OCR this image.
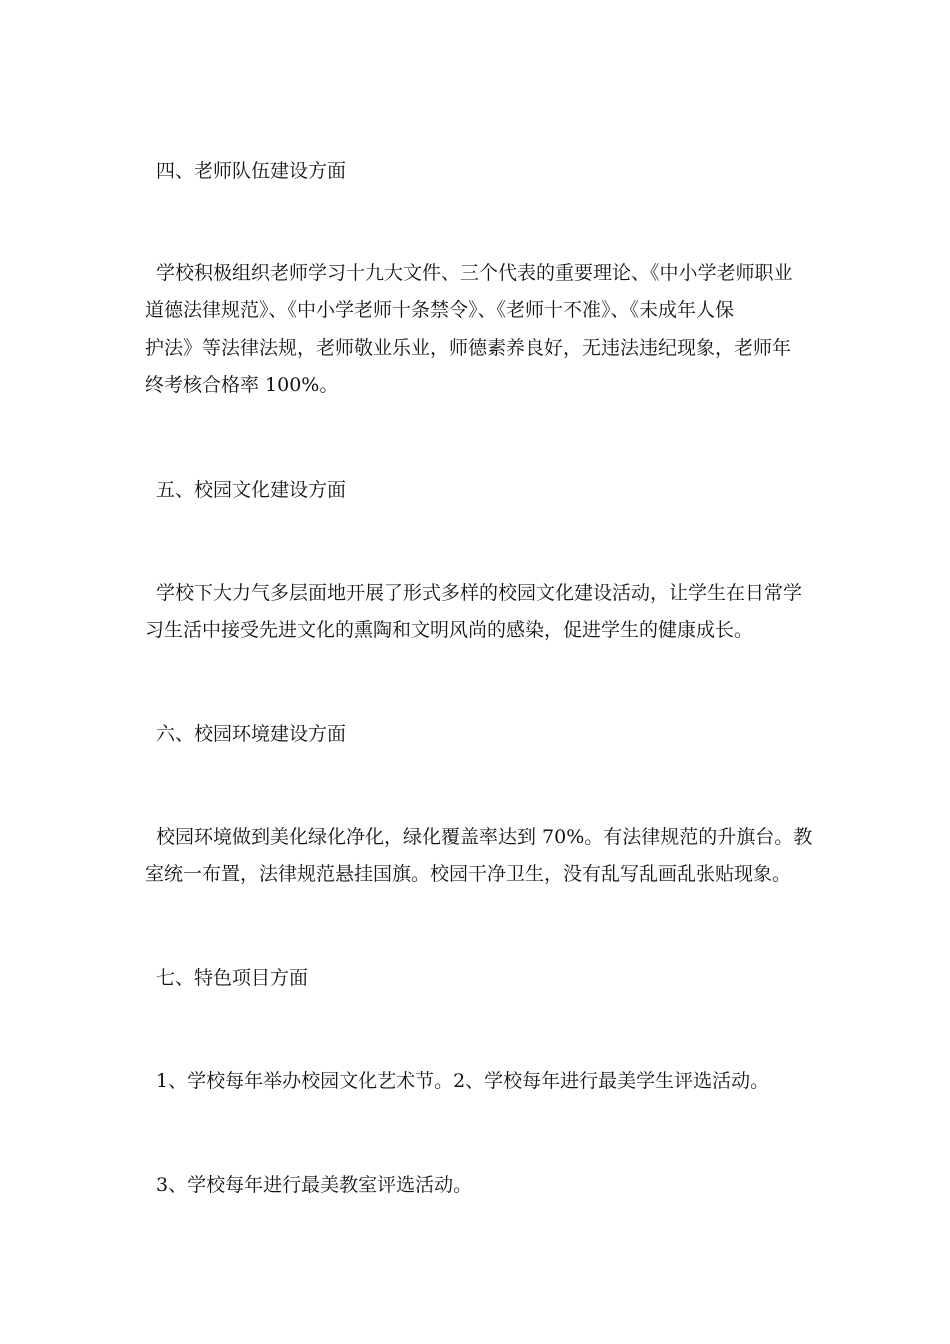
四、老师队伍建设方面
学校积极组织老师学习十九大文件、三个代表的重要理论、《中小学老师职业
道德法律规范》、《中小学老师十条禁令》、《老师十不准》、《未成年人保
护法》等法律法规，老师敬业乐业，师德素养良好，无违法违纪现象，老师年
终考核合格率 100%。
五、校园文化建设方面
学校下大力气多层面地开展了形式多样的校园文化建设活动，让学生在日常学
习生活中接受先进文化的熏陶和文明风尚的感染，促进学生的健康成长。
六、校园环境建设方面
校园环境做到美化绿化净化，绿化覆盖率达到 70%。有法律规范的升旗台。教
室统一布置，法律规范悬挂国旗。校园干净卫生，没有乱写乱画乱张贴现象。
七、特色项目方面
1、学校每年举办校园文化艺术节。2、学校每年进行最美学生评选活动。
3、学校每年进行最美教室评选活动。
